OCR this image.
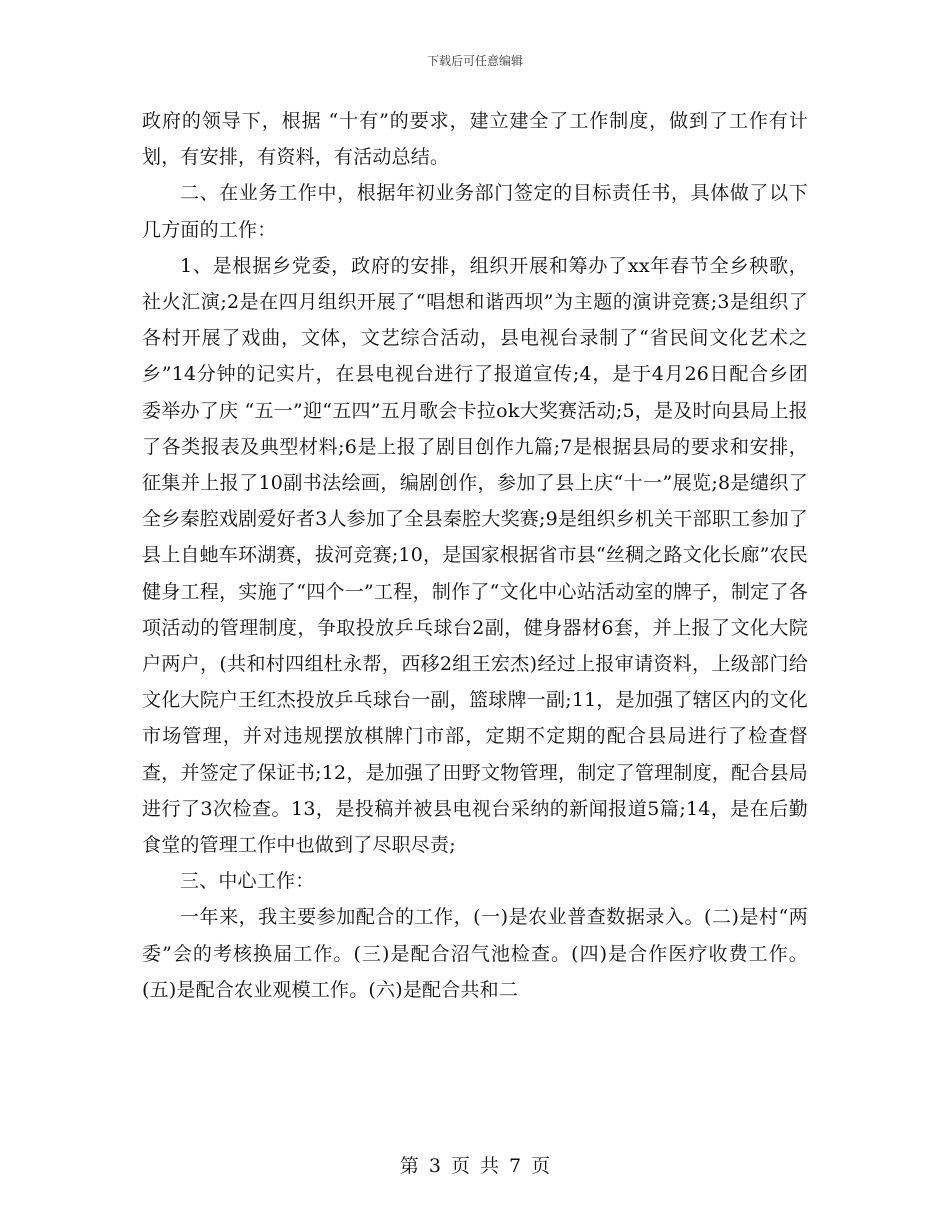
下载后可任意编辑

政府的领导下，根据 “十有”的要求，建立建全了工作制度，做到了工作有计划，有安排，有资料，有活动总结。

二、在业务工作中，根据年初业务部门签定的目标责任书，具体做了以下几方面的工作：

1、是根据乡党委，政府的安排，组织开展和筹办了xx年春节全乡秧歌，社火汇演;2是在四月组织开展了“唱想和谐西坝”为主题的演讲竞赛;3是组织了各村开展了戏曲，文体，文艺综合活动，县电视台录制了“省民间文化艺术之乡”14分钟的记实片，在县电视台进行了报道宣传;4，是于4月26日配合乡团委举办了庆 “五一”迎“五四”五月歌会卡拉ok大奖赛活动;5，是及时向县局上报了各类报表及典型材料;6是上报了剧目创作九篇;7是根据县局的要求和安排，征集并上报了10副书法绘画，编剧创作，参加了县上庆“十一”展览;8是缱织了全乡秦腔戏剧爱好者3人参加了全县秦腔大奖赛;9是组织乡机关干部职工参加了县上自虵车环湖赛，拔河竞赛;10，是国家根据省市县“丝稠之路文化长廊”农民健身工程，实施了“四个一”工程，制作了“文化中心站活动室的牌子，制定了各项活动的管理制度，争取投放乒乓球台2副，健身器材6套，并上报了文化大院户两户，(共和村四组杜永帮，西移2组王宏杰)经过上报审请资料，上级部门给文化大院户王红杰投放乒乓球台一副，篮球牌一副;11，是加强了辖区内的文化市场管理，并对违规摆放棋牌门市部，定期不定期的配合县局进行了检查督查，并签定了保证书;12，是加强了田野文物管理，制定了管理制度，配合县局进行了3次检查。13，是投稿并被县电视台采纳的新闻报道5篇;14，是在后勤食堂的管理工作中也做到了尽职尽责;

三、中心工作：

一年来，我主要参加配合的工作，(一)是农业普查数据录入。(二)是村“两委”会的考核换届工作。(三)是配合沼气池检查。(四)是合作医疗收费工作。(五)是配合农业观模工作。(六)是配合共和二

第 3 页 共 7 页
